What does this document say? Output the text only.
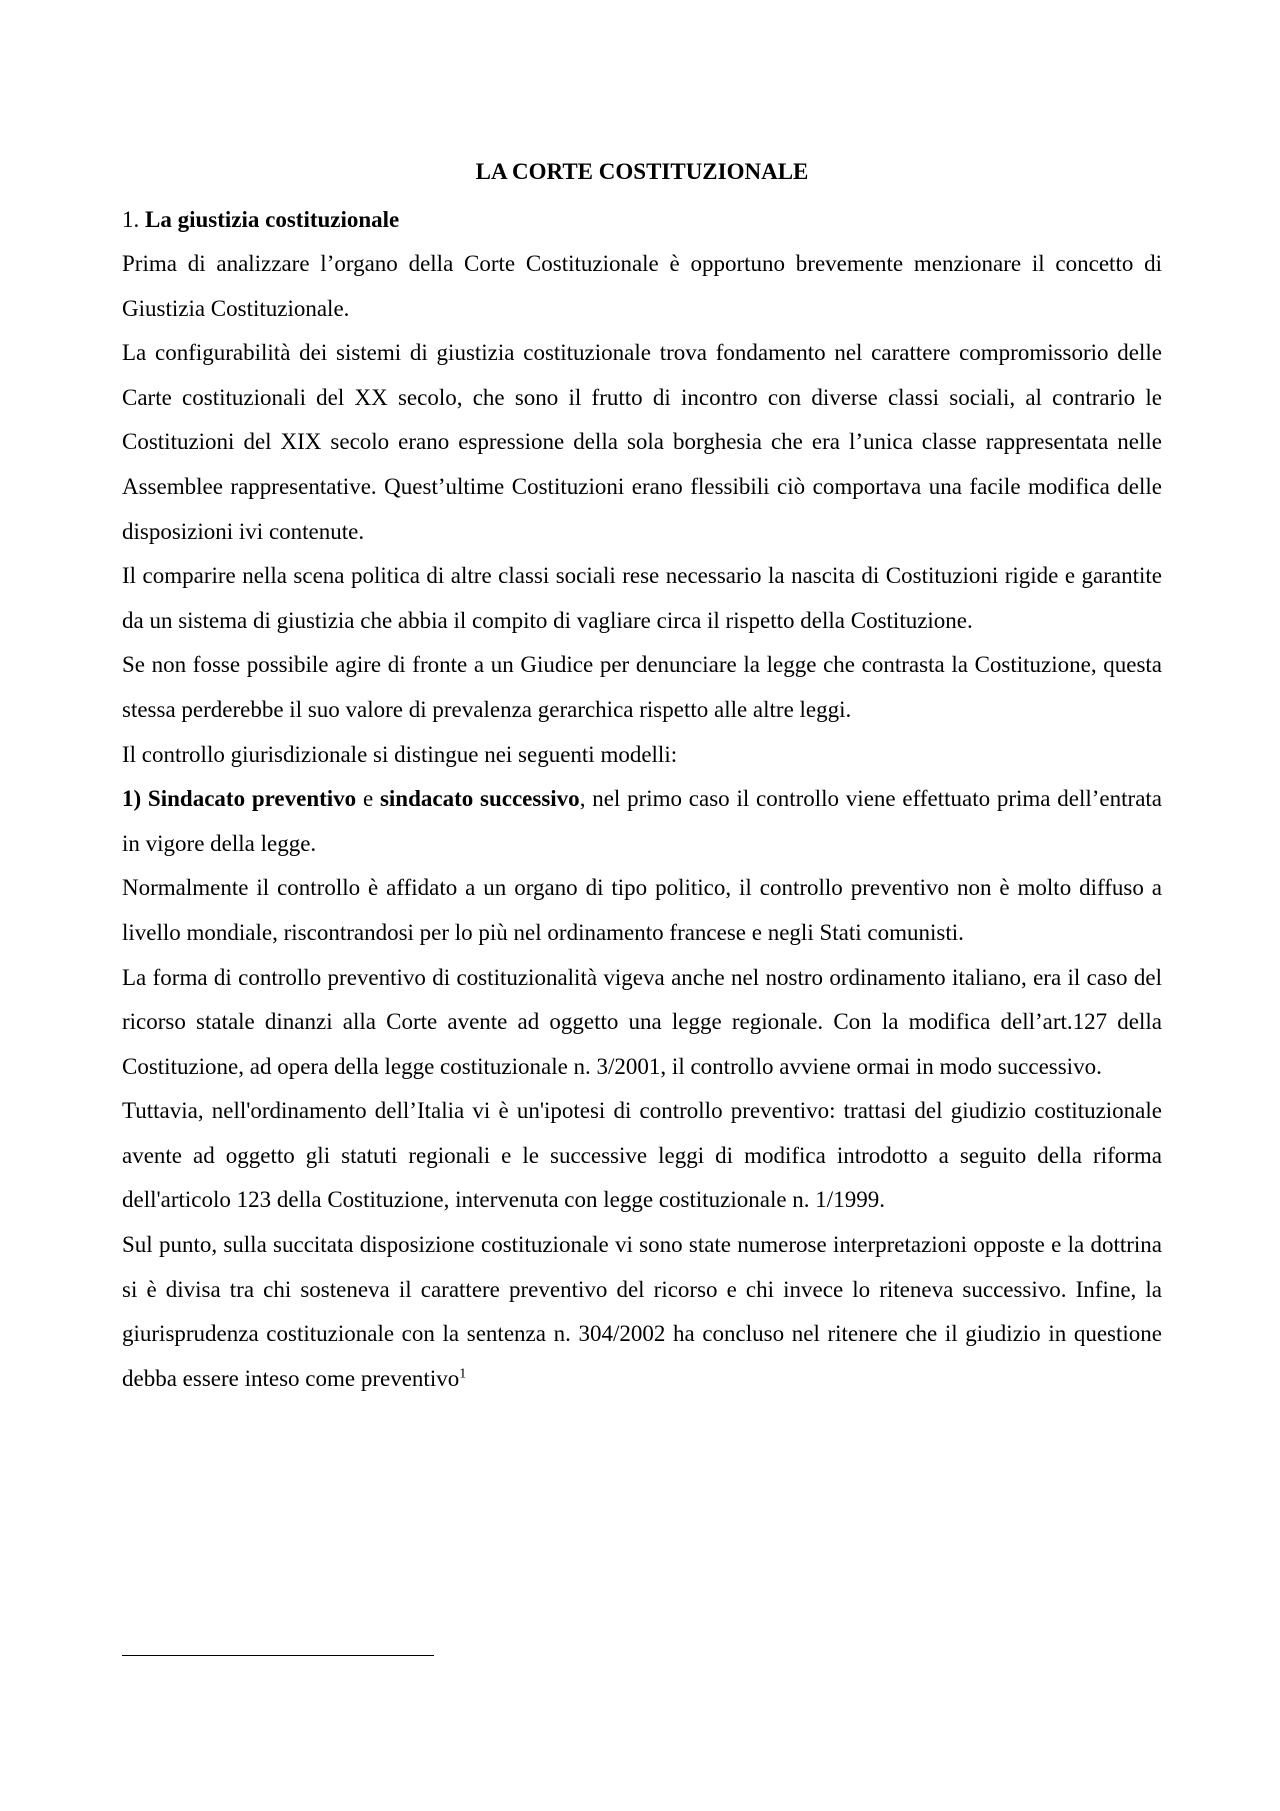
LA CORTE COSTITUZIONALE
1. La giustizia costituzionale

Prima di analizzare l’organo della Corte Costituzionale è opportuno brevemente menzionare il concetto di Giustizia Costituzionale.

La configurabilità dei sistemi di giustizia costituzionale trova fondamento nel carattere compromissorio delle Carte costituzionali del XX secolo, che sono il frutto di incontro con diverse classi sociali, al contrario le Costituzioni del XIX secolo erano espressione della sola borghesia che era l’unica classe rappresentata nelle Assemblee rappresentative. Quest’ultime Costituzioni erano flessibili ciò comportava una facile modifica delle disposizioni ivi contenute.

Il comparire nella scena politica di altre classi sociali rese necessario la nascita di Costituzioni rigide e garantite da un sistema di giustizia che abbia il compito di vagliare circa il rispetto della Costituzione.

Se non fosse possibile agire di fronte a un Giudice per denunciare la legge che contrasta la Costituzione, questa stessa perderebbe il suo valore di prevalenza gerarchica rispetto alle altre leggi.

Il controllo giurisdizionale si distingue nei seguenti modelli:

1) Sindacato preventivo e sindacato successivo, nel primo caso il controllo viene effettuato prima dell’entrata in vigore della legge.

Normalmente il controllo è affidato a un organo di tipo politico, il controllo preventivo non è molto diffuso a livello mondiale, riscontrandosi per lo più nel ordinamento francese e negli Stati comunisti.

La forma di controllo preventivo di costituzionalità vigeva anche nel nostro ordinamento italiano, era il caso del ricorso statale dinanzi alla Corte avente ad oggetto una legge regionale. Con la modifica dell’art.127 della Costituzione, ad opera della legge costituzionale n. 3/2001, il controllo avviene ormai in modo successivo.

Tuttavia, nell'ordinamento dell’Italia vi è un'ipotesi di controllo preventivo: trattasi del giudizio costituzionale avente ad oggetto gli statuti regionali e le successive leggi di modifica introdotto a seguito della riforma dell'articolo 123 della Costituzione, intervenuta con legge costituzionale n. 1/1999.

Sul punto, sulla succitata disposizione costituzionale vi sono state numerose interpretazioni opposte e la dottrina si è divisa tra chi sosteneva il carattere preventivo del ricorso e chi invece lo riteneva successivo. Infine, la giurisprudenza costituzionale con la sentenza n. 304/2002 ha concluso nel ritenere che il giudizio in questione debba essere inteso come preventivo$^1$
